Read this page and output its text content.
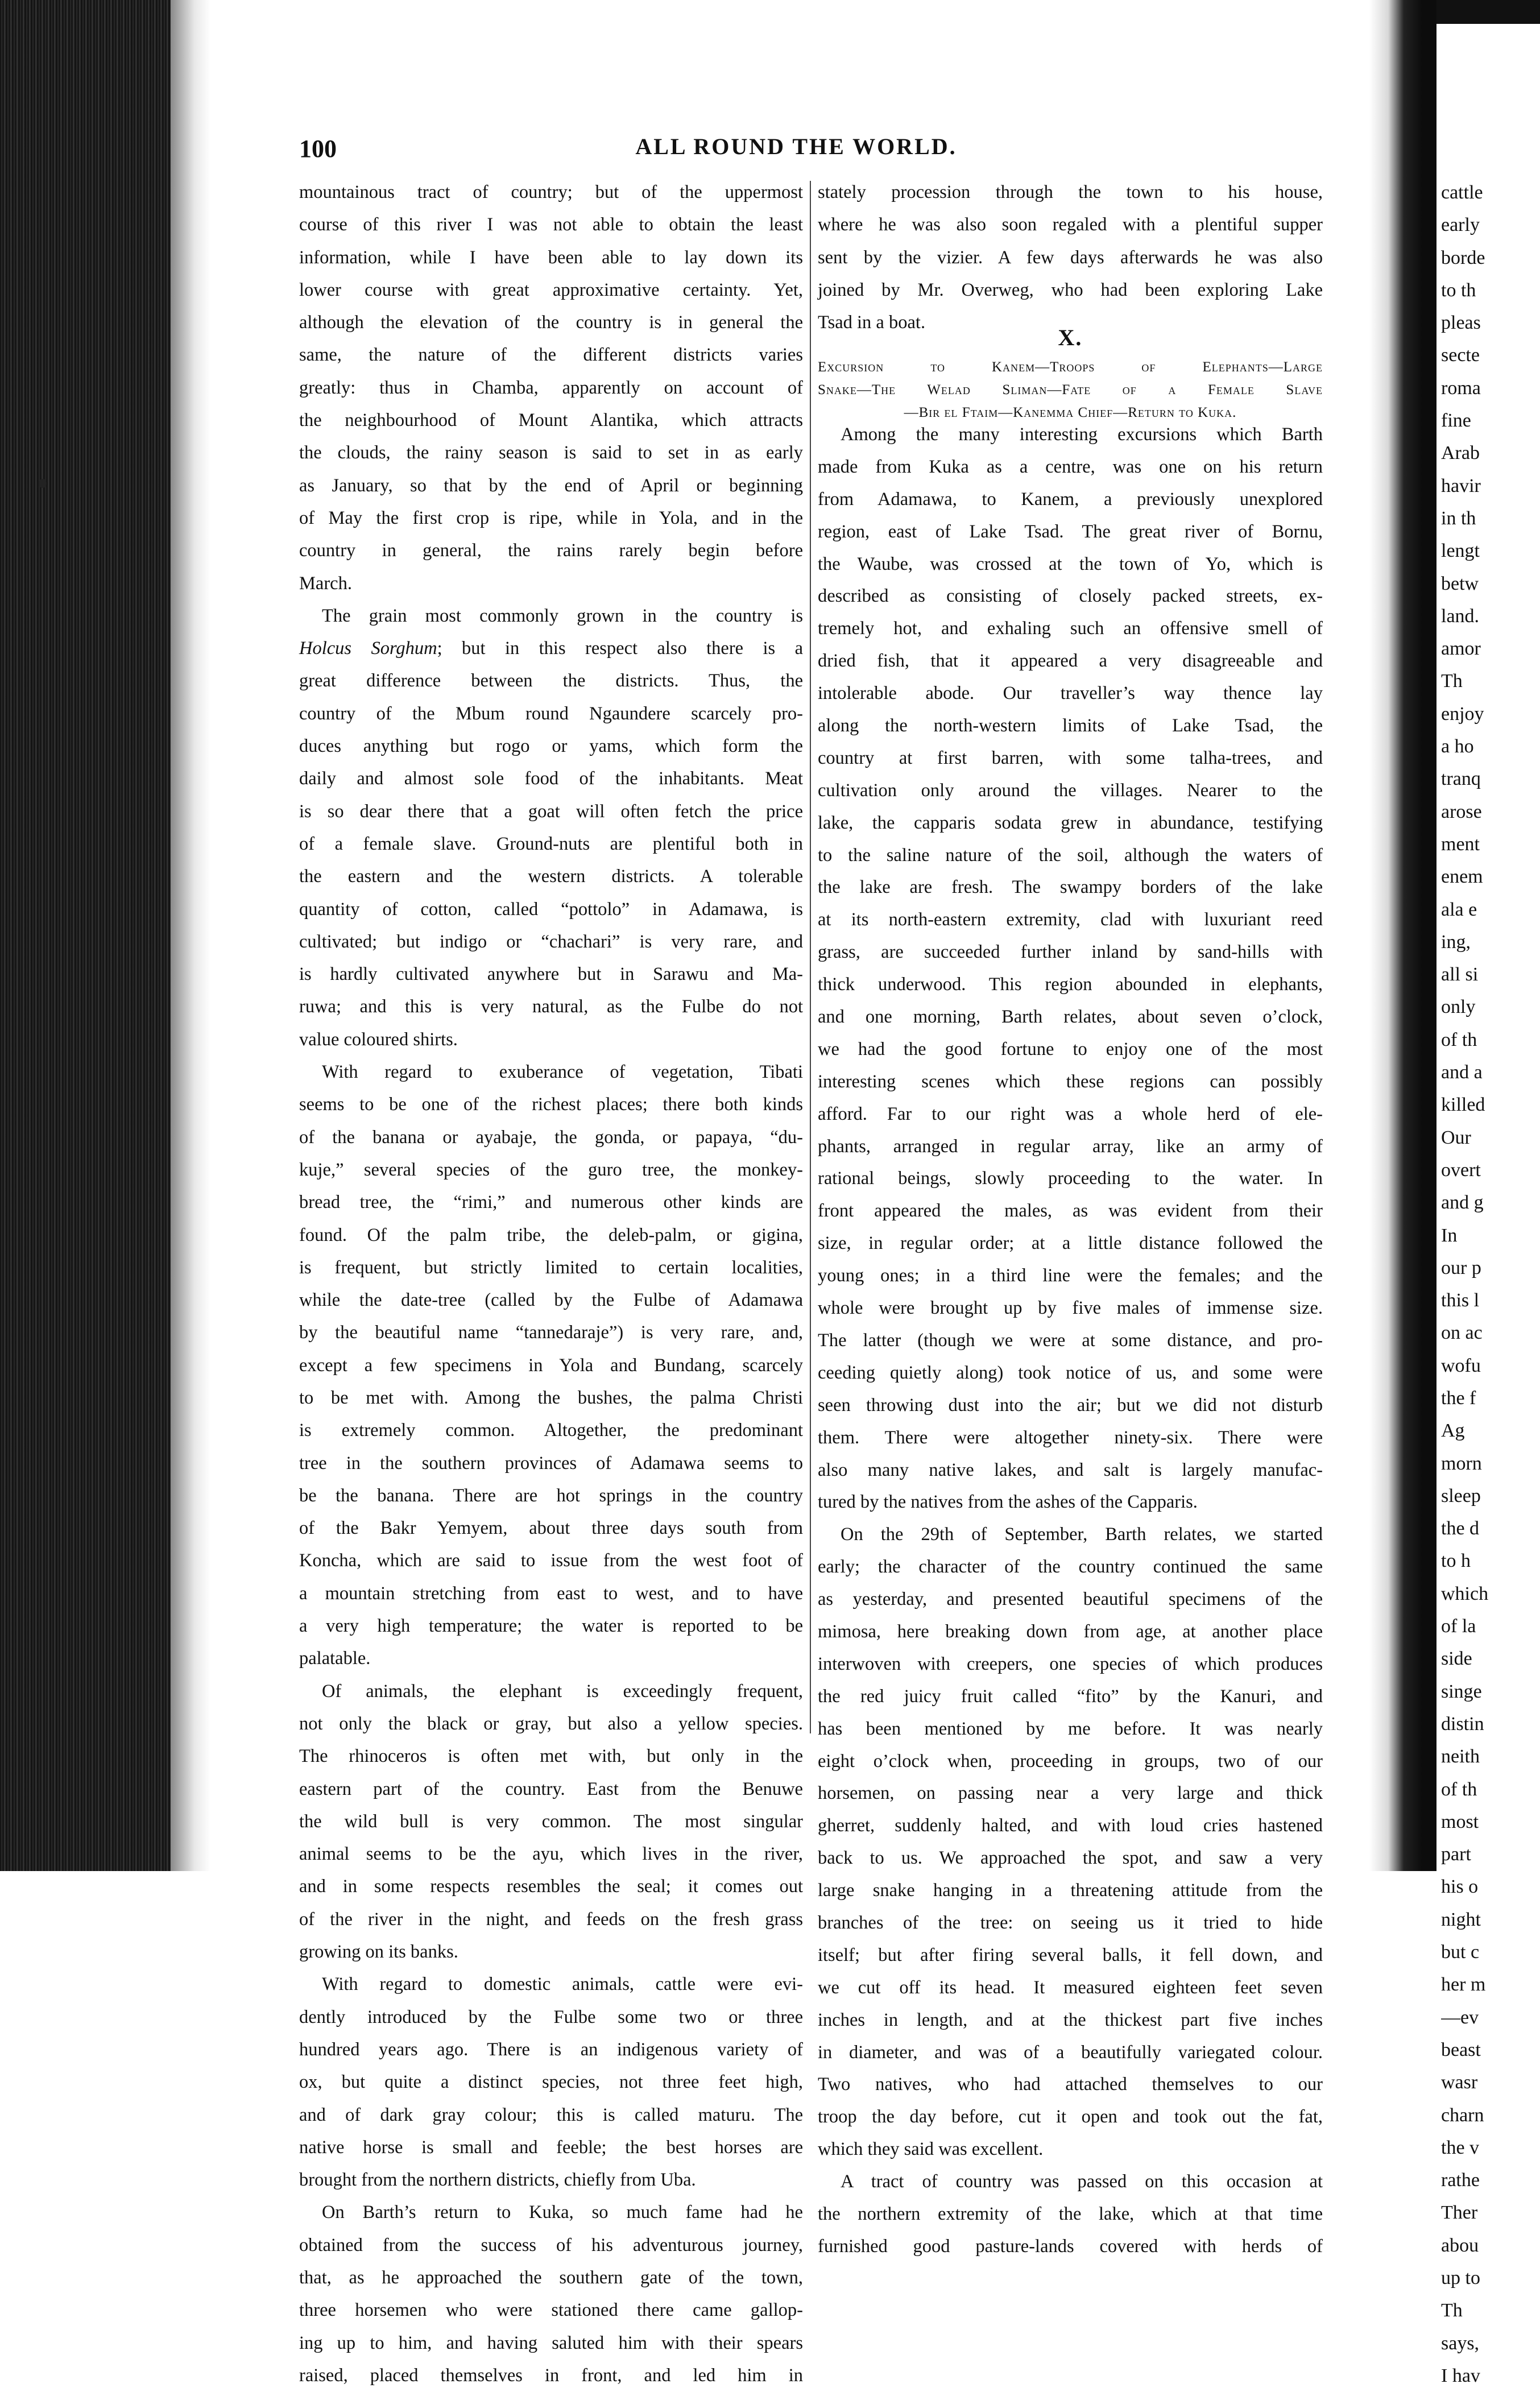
100	ALL ROUND THE WORLD.
mountainous tract of country; but of the uppermost
course of this river I was not able to obtain the least
information, while I have been able to lay down its
lower course with great approximative certainty. Yet,
although the elevation of the country is in general the
same, the nature of the different districts varies
greatly: thus in Chamba, apparently on account of
the neighbourhood of Mount Alantika, which attracts
the clouds, the rainy season is said to set in as early
as January, so that by the end of April or beginning
of May the first crop is ripe, while in Yola, and in the
country in general, the rains rarely begin before
March.
The grain most commonly grown in the country is
Holcus Sorghum; but in this respect also there is a
great difference between the districts. Thus, the
country of the Mbum round Ngaundere scarcely pro-
duces anything but rogo or yams, which form the
daily and almost sole food of the inhabitants. Meat
is so dear there that a goat will often fetch the price
of a female slave. Ground-nuts are plentiful both in
the eastern and the western districts. A tolerable
quantity of cotton, called “pottolo” in Adamawa, is
cultivated; but indigo or “chachari” is very rare, and
is hardly cultivated anywhere but in Sarawu and Ma-
ruwa; and this is very natural, as the Fulbe do not
value coloured shirts.
With regard to exuberance of vegetation, Tibati
seems to be one of the richest places; there both kinds
of the banana or ayabaje, the gonda, or papaya, “du-
kuje,” several species of the guro tree, the monkey-
bread tree, the “rimi,” and numerous other kinds are
found. Of the palm tribe, the deleb-palm, or gigina,
is frequent, but strictly limited to certain localities,
while the date-tree (called by the Fulbe of Adamawa
by the beautiful name “tannedaraje”) is very rare, and,
except a few specimens in Yola and Bundang, scarcely
to be met with. Among the bushes, the palma Christi
is extremely common. Altogether, the predominant
tree in the southern provinces of Adamawa seems to
be the banana. There are hot springs in the country
of the Bakr Yemyem, about three days south from
Koncha, which are said to issue from the west foot of
a mountain stretching from east to west, and to have
a very high temperature; the water is reported to be
palatable.
Of animals, the elephant is exceedingly frequent,
not only the black or gray, but also a yellow species.
The rhinoceros is often met with, but only in the
eastern part of the country. East from the Benuwe
the wild bull is very common. The most singular
animal seems to be the ayu, which lives in the river,
and in some respects resembles the seal; it comes out
of the river in the night, and feeds on the fresh grass
growing on its banks.
With regard to domestic animals, cattle were evi-
dently introduced by the Fulbe some two or three
hundred years ago. There is an indigenous variety of
ox, but quite a distinct species, not three feet high,
and of dark gray colour; this is called maturu. The
native horse is small and feeble; the best horses are
brought from the northern districts, chiefly from Uba.
On Barth’s return to Kuka, so much fame had he
obtained from the success of his adventurous journey,
that, as he approached the southern gate of the town,
three horsemen who were stationed there came gallop-
ing up to him, and having saluted him with their spears
raised, placed themselves in front, and led him in
stately procession through the town to his house,
where he was also soon regaled with a plentiful supper
sent by the vizier. A few days afterwards he was also
joined by Mr. Overweg, who had been exploring Lake
Tsad in a boat.
X.
Excursion to Kanem—Troops of Elephants—Large
Snake—The Welad Sliman—Fate of a Female Slave
—Bir el Ftaim—Kanemma Chief—Return to Kuka.
Among the many interesting excursions which Barth
made from Kuka as a centre, was one on his return
from Adamawa, to Kanem, a previously unexplored
region, east of Lake Tsad. The great river of Bornu,
the Waube, was crossed at the town of Yo, which is
described as consisting of closely packed streets, ex-
tremely hot, and exhaling such an offensive smell of
dried fish, that it appeared a very disagreeable and
intolerable abode. Our traveller’s way thence lay
along the north-western limits of Lake Tsad, the
country at first barren, with some talha-trees, and
cultivation only around the villages. Nearer to the
lake, the capparis sodata grew in abundance, testifying
to the saline nature of the soil, although the waters of
the lake are fresh. The swampy borders of the lake
at its north-eastern extremity, clad with luxuriant reed
grass, are succeeded further inland by sand-hills with
thick underwood. This region abounded in elephants,
and one morning, Barth relates, about seven o’clock,
we had the good fortune to enjoy one of the most
interesting scenes which these regions can possibly
afford. Far to our right was a whole herd of ele-
phants, arranged in regular array, like an army of
rational beings, slowly proceeding to the water. In
front appeared the males, as was evident from their
size, in regular order; at a little distance followed the
young ones; in a third line were the females; and the
whole were brought up by five males of immense size.
The latter (though we were at some distance, and pro-
ceeding quietly along) took notice of us, and some were
seen throwing dust into the air; but we did not disturb
them. There were altogether ninety-six. There were
also many native lakes, and salt is largely manufac-
tured by the natives from the ashes of the Capparis.
On the 29th of September, Barth relates, we started
early; the character of the country continued the same
as yesterday, and presented beautiful specimens of the
mimosa, here breaking down from age, at another place
interwoven with creepers, one species of which produces
the red juicy fruit called “fito” by the Kanuri, and
has been mentioned by me before. It was nearly
eight o’clock when, proceeding in groups, two of our
horsemen, on passing near a very large and thick
gherret, suddenly halted, and with loud cries hastened
back to us. We approached the spot, and saw a very
large snake hanging in a threatening attitude from the
branches of the tree: on seeing us it tried to hide
itself; but after firing several balls, it fell down, and
we cut off its head. It measured eighteen feet seven
inches in length, and at the thickest part five inches
in diameter, and was of a beautifully variegated colour.
Two natives, who had attached themselves to our
troop the day before, cut it open and took out the fat,
which they said was excellent.
A tract of country was passed on this occasion at
the northern extremity of the lake, which at that time
furnished good pasture-lands covered with herds of
cattle
early
borde
to th
pleas
secte
roma
fine
Arab
havir
in th
lengt
betw
land.
amor
Th
enjoy
a ho
tranq
arose
ment
enem
ala e
ing,
all si
only
of th
and a
killed
Our
overt
and g
In
our p
this l
on ac
wofu
the f
Ag
morn
sleep
the d
to h
which
of la
side
singe
distin
neith
of th
most
part
his o
night
but c
her m
—ev
beast
wasr
charn
the v
rathe
Ther
abou
up to
Th
says,
I hav
